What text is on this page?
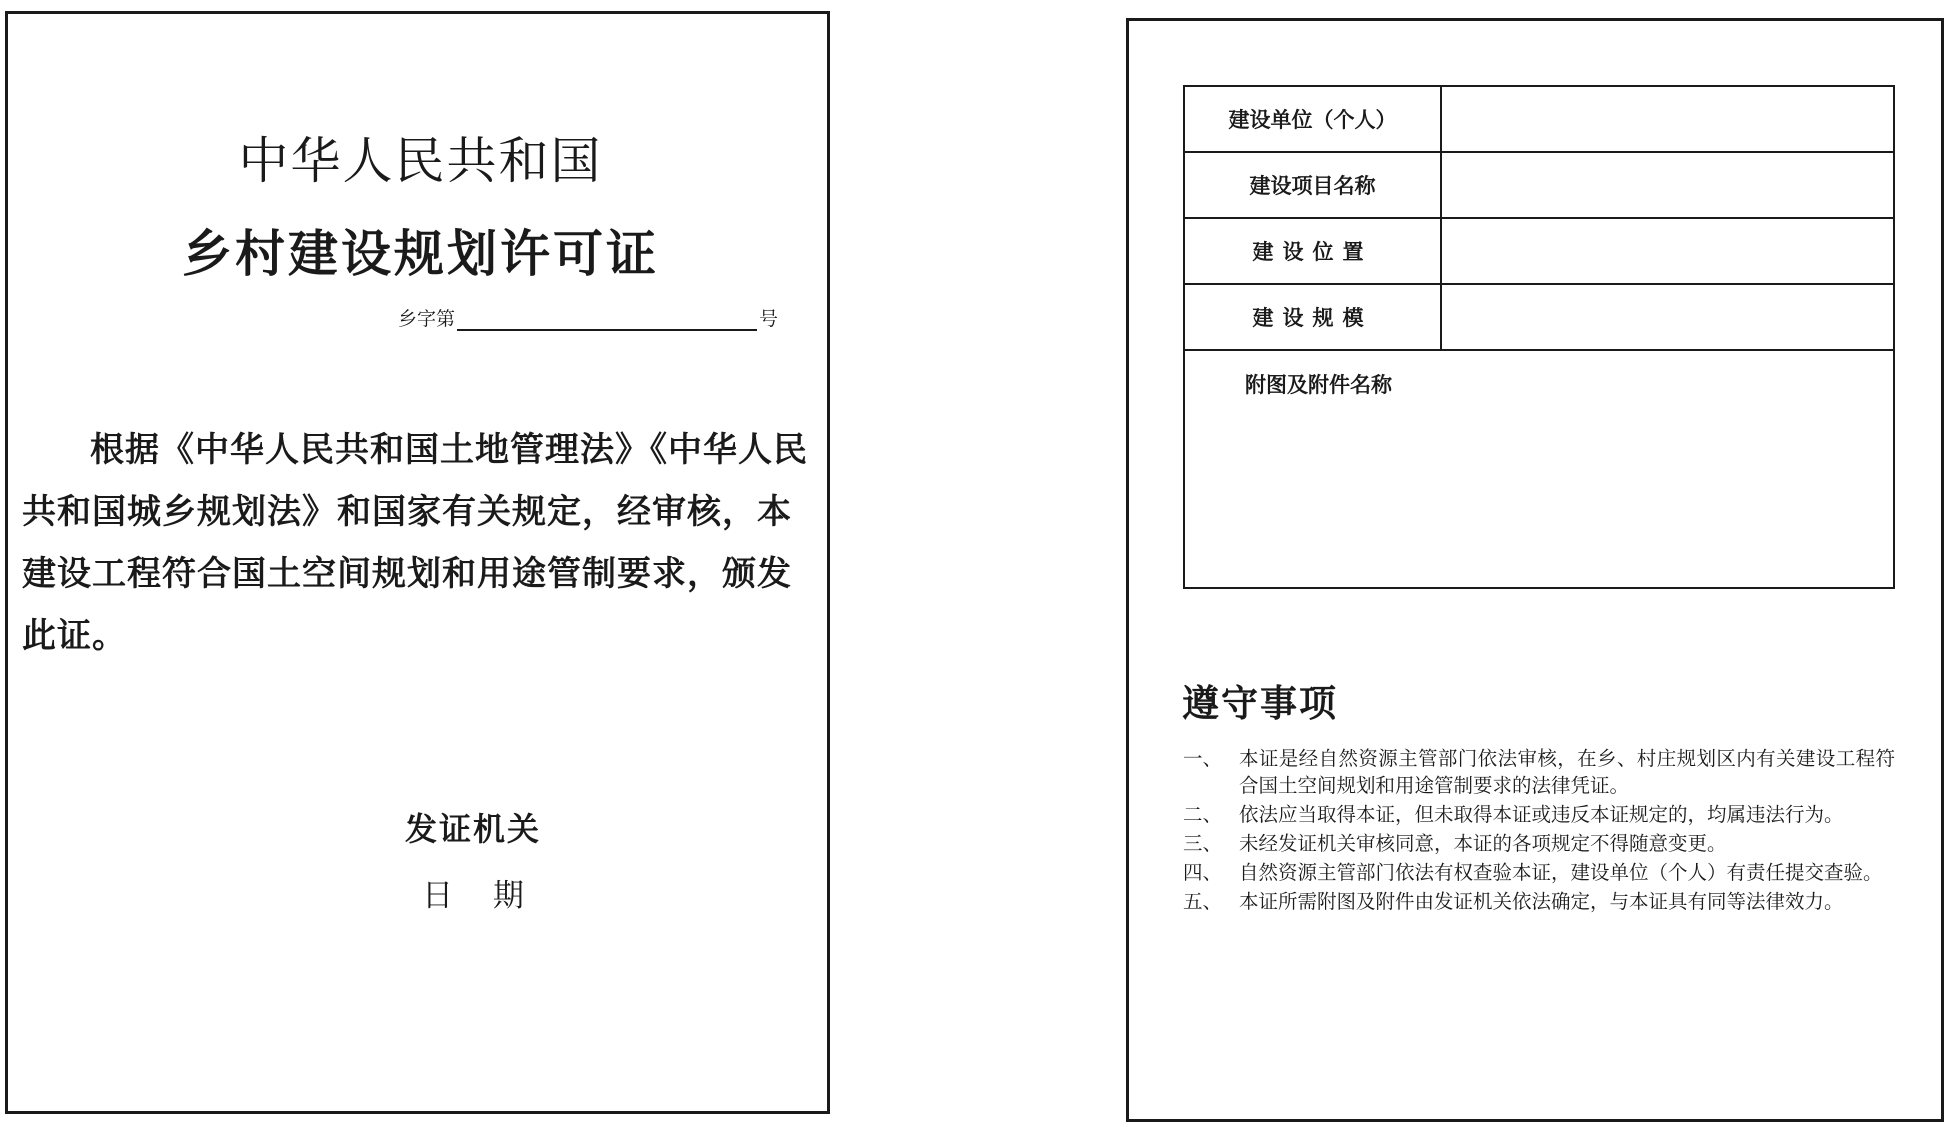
中华人民共和国
乡村建设规划许可证
乡字第	号
根据《中华人民共和国土地管理法》《中华人民共和国城乡规划法》和国家有关规定，经审核，本建设工程符合国土空间规划和用途管制要求，颁发此证。
发证机关
日 期
建设单位（个人）	
建设项目名称	
建设位置	
建设规模	
附图及附件名称	
遵守事项
一、 本证是经自然资源主管部门依法审核，在乡、村庄规划区内有关建设工程符合国土空间规划和用途管制要求的法律凭证。
二、 依法应当取得本证，但未取得本证或违反本证规定的，均属违法行为。
三、 未经发证机关审核同意，本证的各项规定不得随意变更。
四、 自然资源主管部门依法有权查验本证，建设单位（个人）有责任提交查验。
五、 本证所需附图及附件由发证机关依法确定，与本证具有同等法律效力。
